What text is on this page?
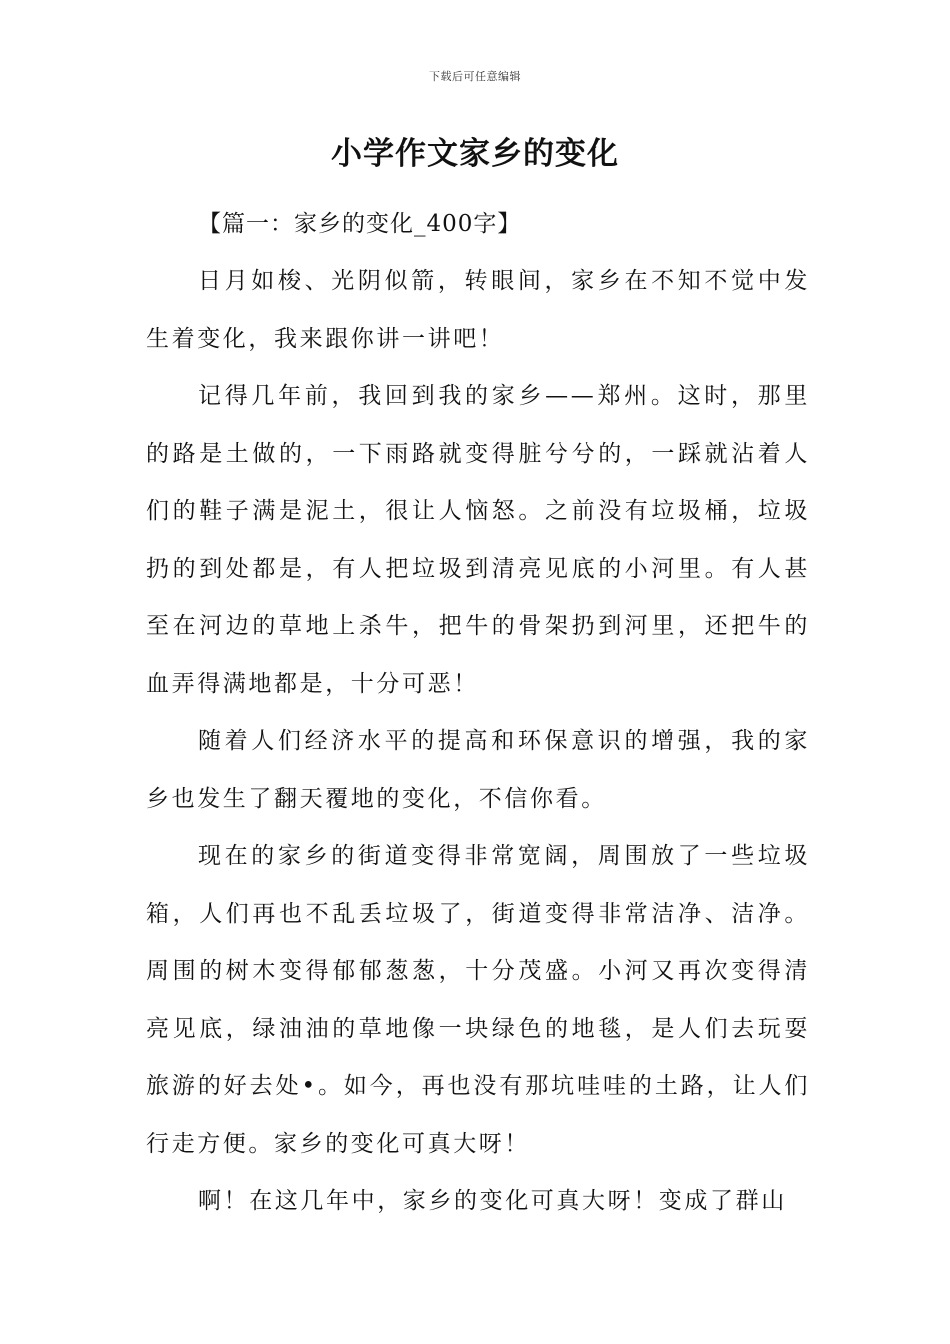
下载后可任意编辑
小学作文家乡的变化

【篇一：家乡的变化_400字】

日月如梭、光阴似箭，转眼间，家乡在不知不觉中发生着变化，我来跟你讲一讲吧！

记得几年前，我回到我的家乡——郑州。这时，那里的路是土做的，一下雨路就变得脏兮兮的，一踩就沾着人们的鞋子满是泥土，很让人恼怒。之前没有垃圾桶，垃圾扔的到处都是，有人把垃圾到清亮见底的小河里。有人甚至在河边的草地上杀牛，把牛的骨架扔到河里，还把牛的血弄得满地都是，十分可恶！

随着人们经济水平的提高和环保意识的增强，我的家乡也发生了翻天覆地的变化，不信你看。

现在的家乡的街道变得非常宽阔，周围放了一些垃圾箱，人们再也不乱丢垃圾了，街道变得非常洁净、洁净。周围的树木变得郁郁葱葱，十分茂盛。小河又再次变得清亮见底，绿油油的草地像一块绿色的地毯，是人们去玩耍旅游的好去处•。如今，再也没有那坑哇哇的土路，让人们行走方便。家乡的变化可真大呀！

啊！在这几年中，家乡的变化可真大呀！变成了群山
